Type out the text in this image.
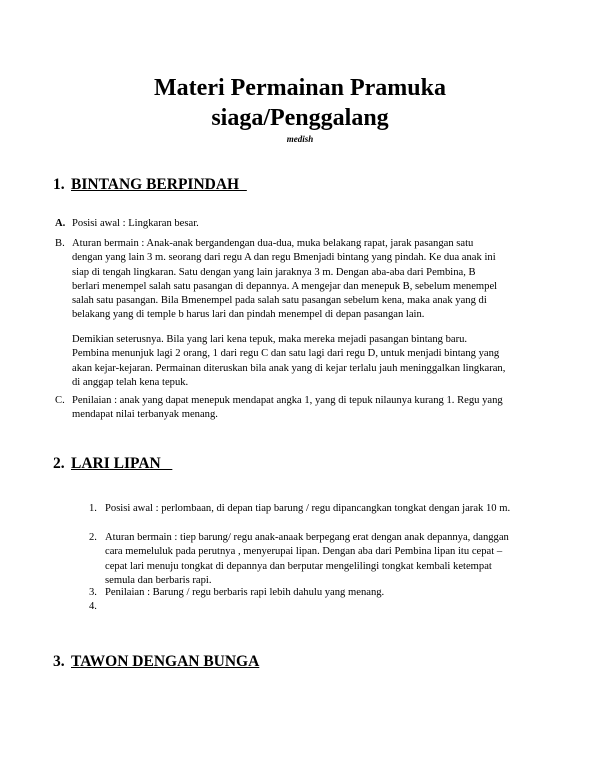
Materi Permainan Pramuka
siaga/Penggalang
medish
1. BINTANG BERPINDAH
A. Posisi awal : Lingkaran besar.
B. Aturan bermain : Anak-anak bergandengan dua-dua, muka belakang rapat, jarak pasangan satu dengan yang lain 3 m. seorang dari regu A dan regu Bmenjadi bintang yang pindah. Ke dua anak ini siap di tengah lingkaran. Satu dengan yang lain jaraknya 3 m. Dengan aba-aba dari Pembina, B berlari menempel salah satu pasangan di depannya. A mengejar dan menepuk B, sebelum menempel salah satu pasangan. Bila Bmenempel pada salah satu pasangan sebelum kena, maka anak yang di belakang yang di temple b harus lari dan pindah menempel di depan pasangan lain.
Demikian seterusnya. Bila yang lari kena tepuk, maka mereka mejadi pasangan bintang baru. Pembina menunjuk lagi 2 orang, 1 dari regu C dan satu lagi dari regu D, untuk menjadi bintang yang akan kejar-kejaran. Permainan diteruskan bila anak yang di kejar terlalu jauh meninggalkan lingkaran, di anggap telah kena tepuk.
C. Penilaian : anak yang dapat menepuk mendapat angka 1, yang di tepuk nilaunya kurang 1. Regu yang mendapat nilai terbanyak menang.
2. LARI LIPAN
1. Posisi awal : perlombaan, di depan tiap barung / regu dipancangkan tongkat dengan jarak 10 m.
2. Aturan bermain : tiep barung/ regu anak-anaak berpegang erat dengan anak depannya, danggan cara memeluluk pada perutnya , menyerupai lipan. Dengan aba dari Pembina lipan itu cepat –cepat lari menuju tongkat di depannya dan berputar mengelilingi tongkat kembali ketempat semula dan berbaris rapi.
3. Penilaian : Barung / regu berbaris rapi lebih dahulu yang menang.
4.
3. TAWON DENGAN BUNGA
